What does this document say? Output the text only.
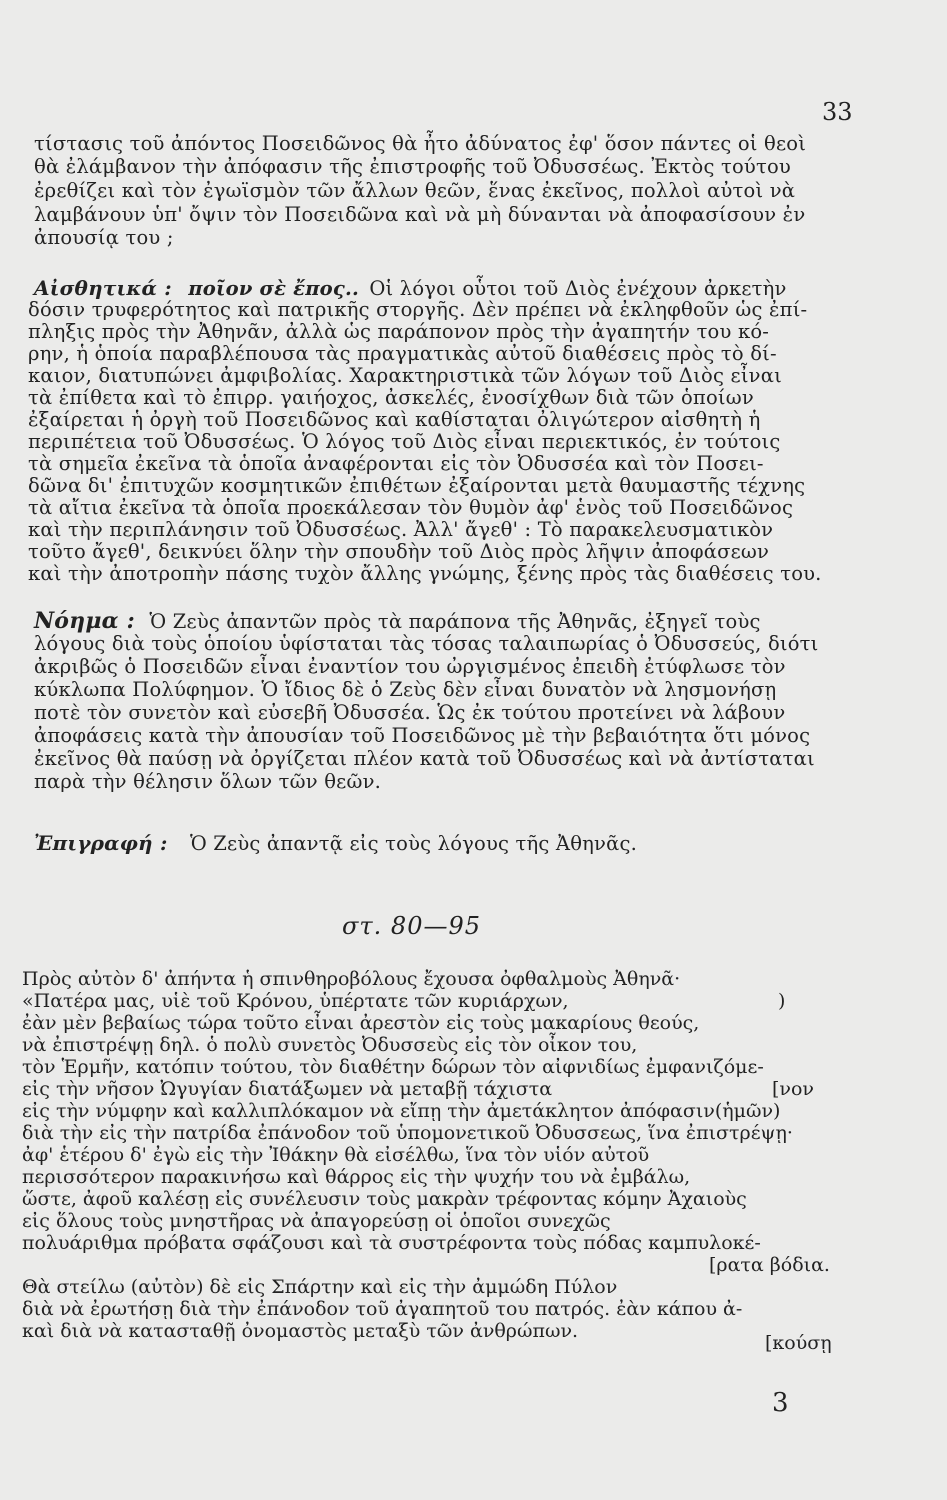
33
τίστασις τοῦ ἀπόντος Ποσειδῶνος θὰ ἦτο ἀδύνατος ἐφ' ὅσον πάντες οἱ θεοὶ
θὰ ἐλάμβανον τὴν ἀπόφασιν τῆς ἐπιστροφῆς τοῦ Ὀδυσσέως. Ἐκτὸς τούτου
ἐρεθίζει καὶ τὸν ἐγωϊσμὸν τῶν ἄλλων θεῶν, ἕνας ἐκεῖνος, πολλοὶ αὐτοὶ νὰ
λαμβάνουν ὑπ' ὄψιν τὸν Ποσειδῶνα καὶ νὰ μὴ δύνανται νὰ ἀποφασίσουν ἐν
ἀπουσίᾳ του ;
Αἰσθητικά : ποῖον σὲ ἔπος.. Οἱ λόγοι οὗτοι τοῦ Διὸς ἐνέχουν ἀρκετὴν
δόσιν τρυφερότητος καὶ πατρικῆς στοργῆς. Δὲν πρέπει νὰ ἐκληφθοῦν ὡς ἐπί-
πληξις πρὸς τὴν Ἀθηνᾶν, ἀλλὰ ὡς παράπονον πρὸς τὴν ἀγαπητήν του κό-
ρην, ἡ ὁποία παραβλέπουσα τὰς πραγματικὰς αὐτοῦ διαθέσεις πρὸς τὸ δί-
καιον, διατυπώνει ἀμφιβολίας. Χαρακτηριστικὰ τῶν λόγων τοῦ Διὸς εἶναι
τὰ ἐπίθετα καὶ τὸ ἐπιρρ. γαιήοχος, ἀσκελές, ἐνοσίχθων διὰ τῶν ὁποίων
ἐξαίρεται ἡ ὀργὴ τοῦ Ποσειδῶνος καὶ καθίσταται ὀλιγώτερον αἰσθητὴ ἡ
περιπέτεια τοῦ Ὀδυσσέως. Ὁ λόγος τοῦ Διὸς εἶναι περιεκτικός, ἐν τούτοις
τὰ σημεῖα ἐκεῖνα τὰ ὁποῖα ἀναφέρονται εἰς τὸν Ὀδυσσέα καὶ τὸν Ποσει-
δῶνα δι' ἐπιτυχῶν κοσμητικῶν ἐπιθέτων ἐξαίρονται μετὰ θαυμαστῆς τέχνης
τὰ αἴτια ἐκεῖνα τὰ ὁποῖα προεκάλεσαν τὸν θυμὸν ἀφ' ἑνὸς τοῦ Ποσειδῶνος
καὶ τὴν περιπλάνησιν τοῦ Ὀδυσσέως. Ἀλλ' ἄγεθ' : Τὸ παρακελευσματικὸν
τοῦτο ἄγεθ', δεικνύει ὅλην τὴν σπουδὴν τοῦ Διὸς πρὸς λῆψιν ἀποφάσεων
καὶ τὴν ἀποτροπὴν πάσης τυχὸν ἄλλης γνώμης, ξένης πρὸς τὰς διαθέσεις του.
Νόημα : Ὁ Ζεὺς ἀπαντῶν πρὸς τὰ παράπονα τῆς Ἀθηνᾶς, ἐξηγεῖ τοὺς
λόγους διὰ τοὺς ὁποίου ὑφίσταται τὰς τόσας ταλαιπωρίας ὁ Ὀδυσσεύς, διότι
ἀκριβῶς ὁ Ποσειδῶν εἶναι ἐναντίον του ὠργισμένος ἐπειδὴ ἐτύφλωσε τὸν
κύκλωπα Πολύφημον. Ὁ ἴδιος δὲ ὁ Ζεὺς δὲν εἶναι δυνατὸν νὰ λησμονήσῃ
ποτὲ τὸν συνετὸν καὶ εὐσεβῆ Ὀδυσσέα. Ὡς ἐκ τούτου προτείνει νὰ λάβουν
ἀποφάσεις κατὰ τὴν ἀπουσίαν τοῦ Ποσειδῶνος μὲ τὴν βεβαιότητα ὅτι μόνος
ἐκεῖνος θὰ παύσῃ νὰ ὀργίζεται πλέον κατὰ τοῦ Ὀδυσσέως καὶ νὰ ἀντίσταται
παρὰ τὴν θέλησιν ὅλων τῶν θεῶν.
Ἐπιγραφή : Ὁ Ζεὺς ἀπαντᾷ εἰς τοὺς λόγους τῆς Ἀθηνᾶς.
στ. 80—95
Πρὸς αὐτὸν δ' ἀπήντα ἡ σπινθηροβόλους ἔχουσα ὀφθαλμοὺς Ἀθηνᾶ·
«Πατέρα μας, υἱὲ τοῦ Κρόνου, ὑπέρτατε τῶν κυριάρχων,
ἐὰν μὲν βεβαίως τώρα τοῦτο εἶναι ἀρεστὸν εἰς τοὺς μακαρίους θεούς,
νὰ ἐπιστρέψῃ δηλ. ὁ πολὺ συνετὸς Ὀδυσσεὺς εἰς τὸν οἶκον του,
τὸν Ἑρμῆν, κατόπιν τούτου, τὸν διαθέτην δώρων τὸν αἰφνιδίως ἐμφανιζόμε-
εἰς τὴν νῆσον Ὠγυγίαν διατάξωμεν νὰ μεταβῇ τάχιστα
εἰς τὴν νύμφην καὶ καλλιπλόκαμον νὰ εἴπῃ τὴν ἀμετάκλητον ἀπόφασιν(ἡμῶν)
διὰ τὴν εἰς τὴν πατρίδα ἐπάνοδον τοῦ ὑπομονετικοῦ Ὀδυσσεως, ἵνα ἐπιστρέψῃ·
ἀφ' ἑτέρου δ' ἐγὼ εἰς τὴν Ἰθάκην θὰ εἰσέλθω, ἵνα τὸν υἱόν αὐτοῦ
περισσότερον παρακινήσω καὶ θάρρος εἰς τὴν ψυχήν του νὰ ἐμβάλω,
ὥστε, ἀφοῦ καλέσῃ εἰς συνέλευσιν τοὺς μακρὰν τρέφοντας κόμην Ἀχαιοὺς
εἰς ὅλους τοὺς μνηστῆρας νὰ ἀπαγορεύσῃ οἱ ὁποῖοι συνεχῶς
πολυάριθμα πρόβατα σφάζουσι καὶ τὰ συστρέφοντα τοὺς πόδας καμπυλοκέ-
Θὰ στείλω (αὐτὸν) δὲ εἰς Σπάρτην καὶ εἰς τὴν ἀμμώδη Πύλον
διὰ νὰ ἐρωτήσῃ διὰ τὴν ἐπάνοδον τοῦ ἀγαπητοῦ του πατρός. ἐὰν κάπου ἀ-
καὶ διὰ νὰ κατασταθῇ ὀνομαστὸς μεταξὺ τῶν ἀνθρώπων.
)
[νον
[ρατα βόδια.
[κούσῃ
3
